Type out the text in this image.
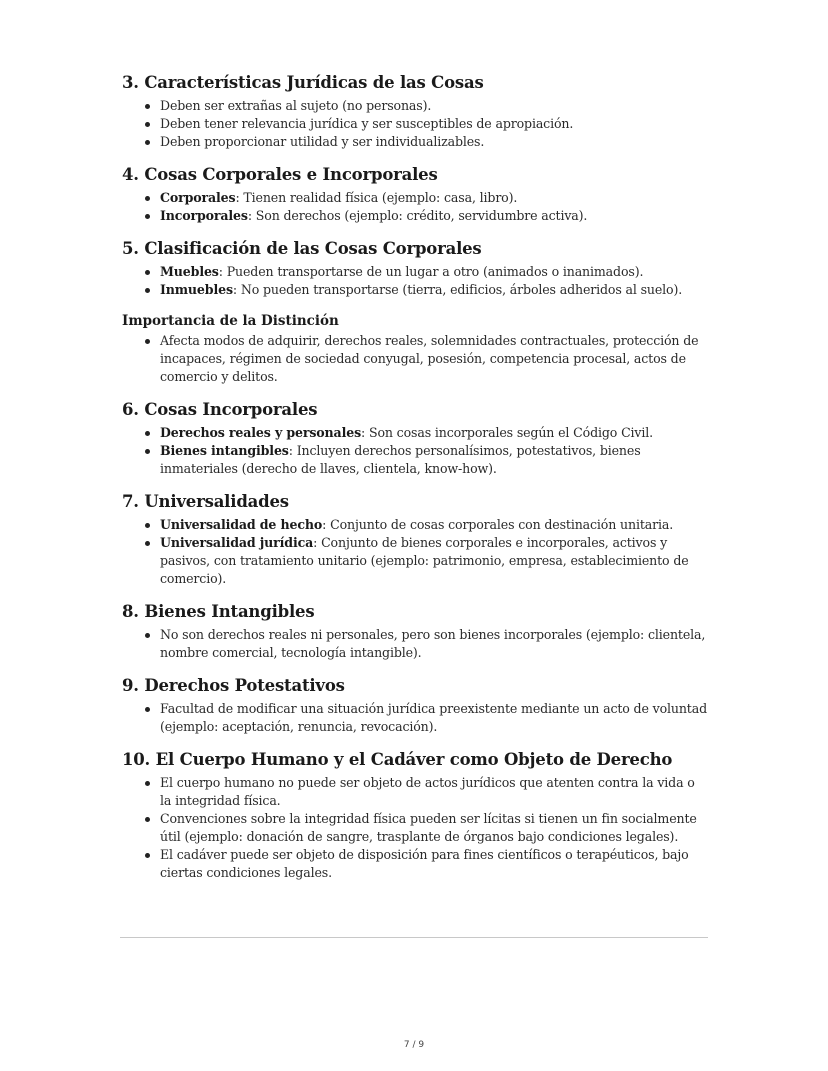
3. Características Jurídicas de las Cosas
Deben ser extrañas al sujeto (no personas).
Deben tener relevancia jurídica y ser susceptibles de apropiación.
Deben proporcionar utilidad y ser individualizables.
4. Cosas Corporales e Incorporales
Corporales: Tienen realidad física (ejemplo: casa, libro).
Incorporales: Son derechos (ejemplo: crédito, servidumbre activa).
5. Clasificación de las Cosas Corporales
Muebles: Pueden transportarse de un lugar a otro (animados o inanimados).
Inmuebles: No pueden transportarse (tierra, edificios, árboles adheridos al suelo).
Importancia de la Distinción
Afecta modos de adquirir, derechos reales, solemnidades contractuales, protección de incapaces, régimen de sociedad conyugal, posesión, competencia procesal, actos de comercio y delitos.
6. Cosas Incorporales
Derechos reales y personales: Son cosas incorporales según el Código Civil.
Bienes intangibles: Incluyen derechos personalísimos, potestativos, bienes inmateriales (derecho de llaves, clientela, know-how).
7. Universalidades
Universalidad de hecho: Conjunto de cosas corporales con destinación unitaria.
Universalidad jurídica: Conjunto de bienes corporales e incorporales, activos y pasivos, con tratamiento unitario (ejemplo: patrimonio, empresa, establecimiento de comercio).
8. Bienes Intangibles
No son derechos reales ni personales, pero son bienes incorporales (ejemplo: clientela, nombre comercial, tecnología intangible).
9. Derechos Potestativos
Facultad de modificar una situación jurídica preexistente mediante un acto de voluntad (ejemplo: aceptación, renuncia, revocación).
10. El Cuerpo Humano y el Cadáver como Objeto de Derecho
El cuerpo humano no puede ser objeto de actos jurídicos que atenten contra la vida o la integridad física.
Convenciones sobre la integridad física pueden ser lícitas si tienen un fin socialmente útil (ejemplo: donación de sangre, trasplante de órganos bajo condiciones legales).
El cadáver puede ser objeto de disposición para fines científicos o terapéuticos, bajo ciertas condiciones legales.
7 / 9
